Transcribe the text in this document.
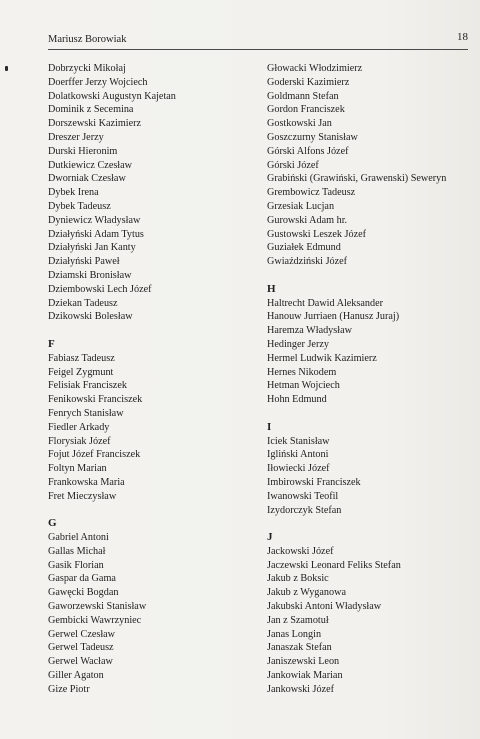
Mariusz Borowiak	18
Dobrzycki Mikołaj
Doerffer Jerzy Wojciech
Dolatkowski Augustyn Kajetan
Dominik z Secemina
Dorszewski Kazimierz
Dreszer Jerzy
Durski Hieronim
Dutkiewicz Czesław
Dworniak Czesław
Dybek Irena
Dybek Tadeusz
Dyniewicz Władysław
Działyński Adam Tytus
Działyński Jan Kanty
Działyński Paweł
Dziamski Bronisław
Dziembowski Lech Józef
Dziekan Tadeusz
Dzikowski Bolesław
F
Fabiasz Tadeusz
Feigel Zygmunt
Felisiak Franciszek
Fenikowski Franciszek
Fenrych Stanisław
Fiedler Arkady
Florysiak Józef
Fojut Józef Franciszek
Foltyn Marian
Frankowska Maria
Fret Mieczysław
G
Gabriel Antoni
Gallas Michał
Gasik Florian
Gaspar da Gama
Gawęcki Bogdan
Gaworzewski Stanisław
Gembicki Wawrzyniec
Gerwel Czesław
Gerwel Tadeusz
Gerwel Wacław
Giller Agaton
Gize Piotr
Głowacki Włodzimierz
Goderski Kazimierz
Goldmann Stefan
Gordon Franciszek
Gostkowski Jan
Goszczurny Stanisław
Górski Alfons Józef
Górski Józef
Grabiński (Grawiński, Grawenski) Seweryn
Grembowicz Tadeusz
Grzesiak Lucjan
Gurowski Adam hr.
Gustowski Leszek Józef
Guziałek Edmund
Gwiaździński Józef
H
Haltrecht Dawid Aleksander
Hanouw Jurriaen (Hanusz Juraj)
Haremza Władysław
Hedinger Jerzy
Hermel Ludwik Kazimierz
Hernes Nikodem
Hetman Wojciech
Hohn Edmund
I
Iciek Stanisław
Igliński Antoni
Iłowiecki Józef
Imbirowski Franciszek
Iwanowski Teofil
Izydorczyk Stefan
J
Jackowski Józef
Jaczewski Leonard Feliks Stefan
Jakub z Boksic
Jakub z Wyganowa
Jakubski Antoni Władysław
Jan z Szamotuł
Janas Longin
Janaszak Stefan
Janiszewski Leon
Jankowiak Marian
Jankowski Józef
